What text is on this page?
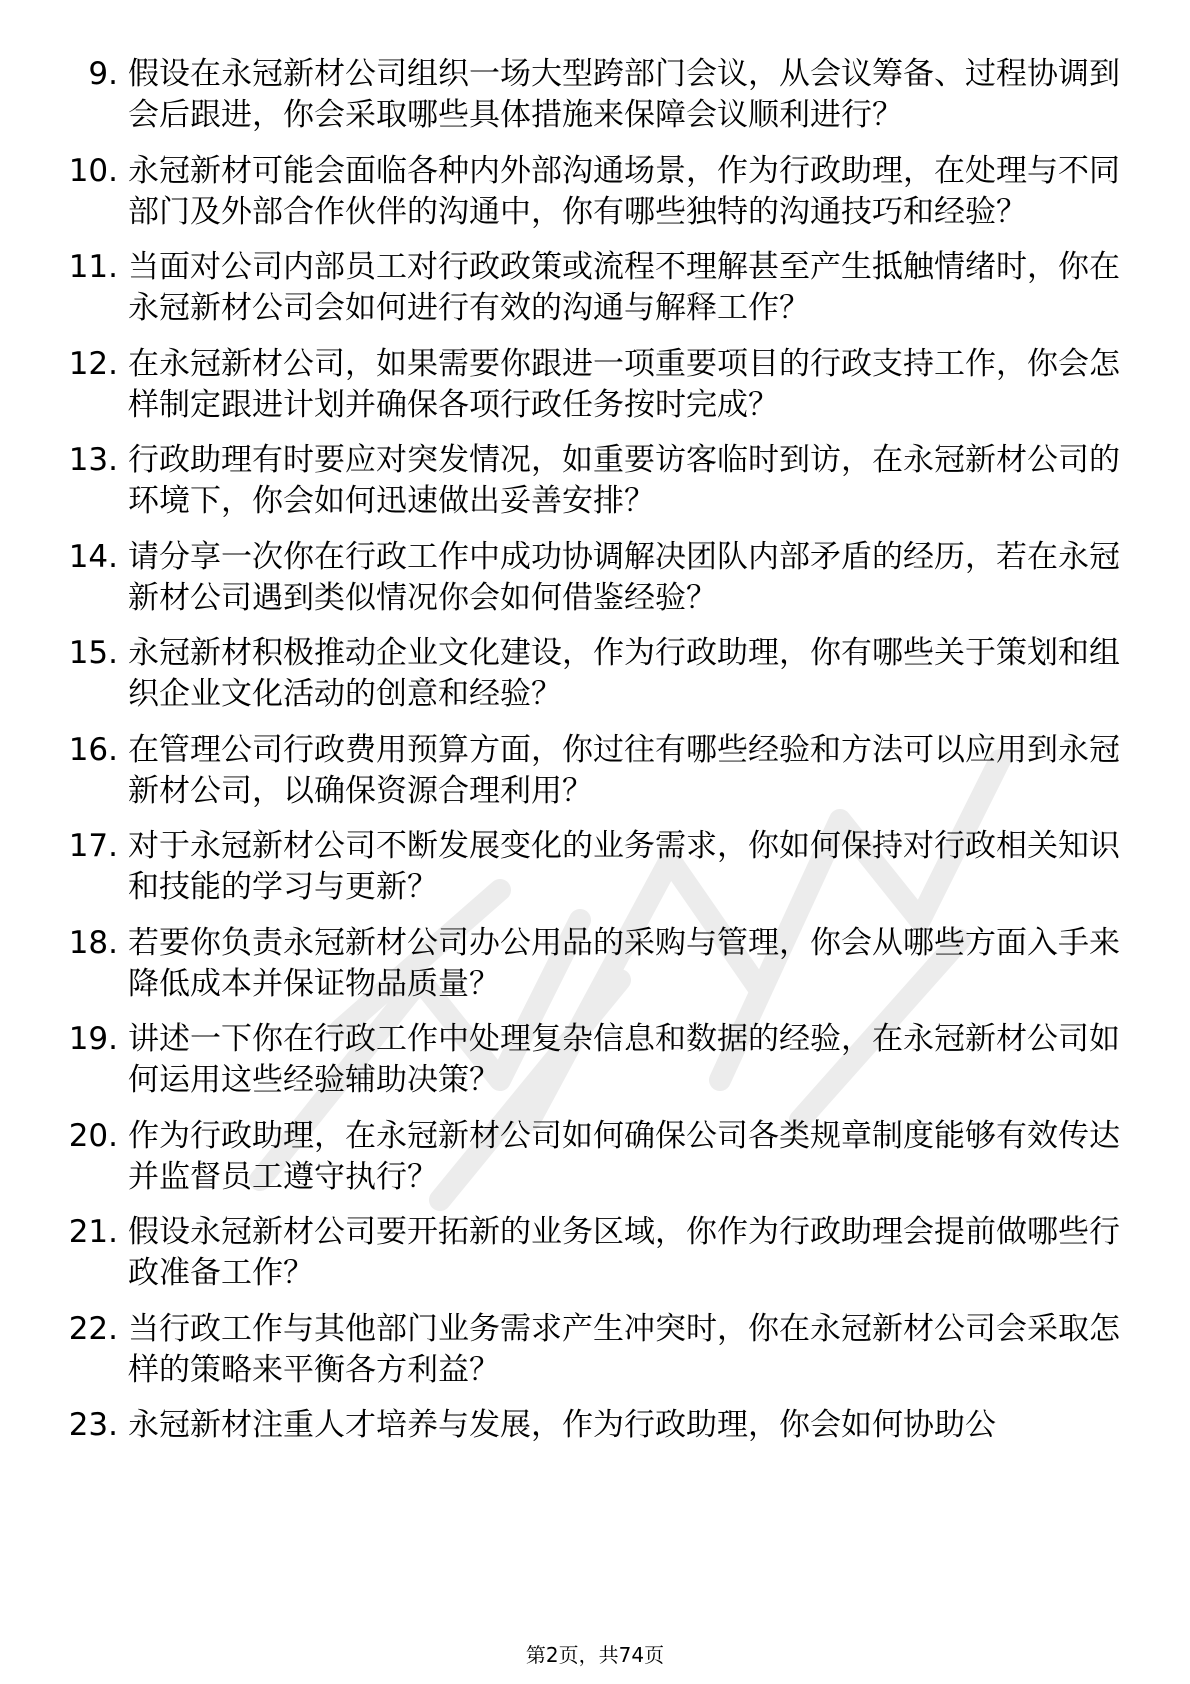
9. 假设在永冠新材公司组织一场大型跨部门会议，从会议筹备、过程协调到会后跟进，你会采取哪些具体措施来保障会议顺利进行？
10. 永冠新材可能会面临各种内外部沟通场景，作为行政助理，在处理与不同部门及外部合作伙伴的沟通中，你有哪些独特的沟通技巧和经验？
11. 当面对公司内部员工对行政政策或流程不理解甚至产生抵触情绪时，你在永冠新材公司会如何进行有效的沟通与解释工作？
12. 在永冠新材公司，如果需要你跟进一项重要项目的行政支持工作，你会怎样制定跟进计划并确保各项行政任务按时完成？
13. 行政助理有时要应对突发情况，如重要访客临时到访，在永冠新材公司的环境下，你会如何迅速做出妥善安排？
14. 请分享一次你在行政工作中成功协调解决团队内部矛盾的经历，若在永冠新材公司遇到类似情况你会如何借鉴经验？
15. 永冠新材积极推动企业文化建设，作为行政助理，你有哪些关于策划和组织企业文化活动的创意和经验？
16. 在管理公司行政费用预算方面，你过往有哪些经验和方法可以应用到永冠新材公司，以确保资源合理利用？
17. 对于永冠新材公司不断发展变化的业务需求，你如何保持对行政相关知识和技能的学习与更新？
18. 若要你负责永冠新材公司办公用品的采购与管理，你会从哪些方面入手来降低成本并保证物品质量？
19. 讲述一下你在行政工作中处理复杂信息和数据的经验，在永冠新材公司如何运用这些经验辅助决策？
20. 作为行政助理，在永冠新材公司如何确保公司各类规章制度能够有效传达并监督员工遵守执行？
21. 假设永冠新材公司要开拓新的业务区域，你作为行政助理会提前做哪些行政准备工作？
22. 当行政工作与其他部门业务需求产生冲突时，你在永冠新材公司会采取怎样的策略来平衡各方利益？
23. 永冠新材注重人才培养与发展，作为行政助理，你会如何协助公
第2页，共74页
